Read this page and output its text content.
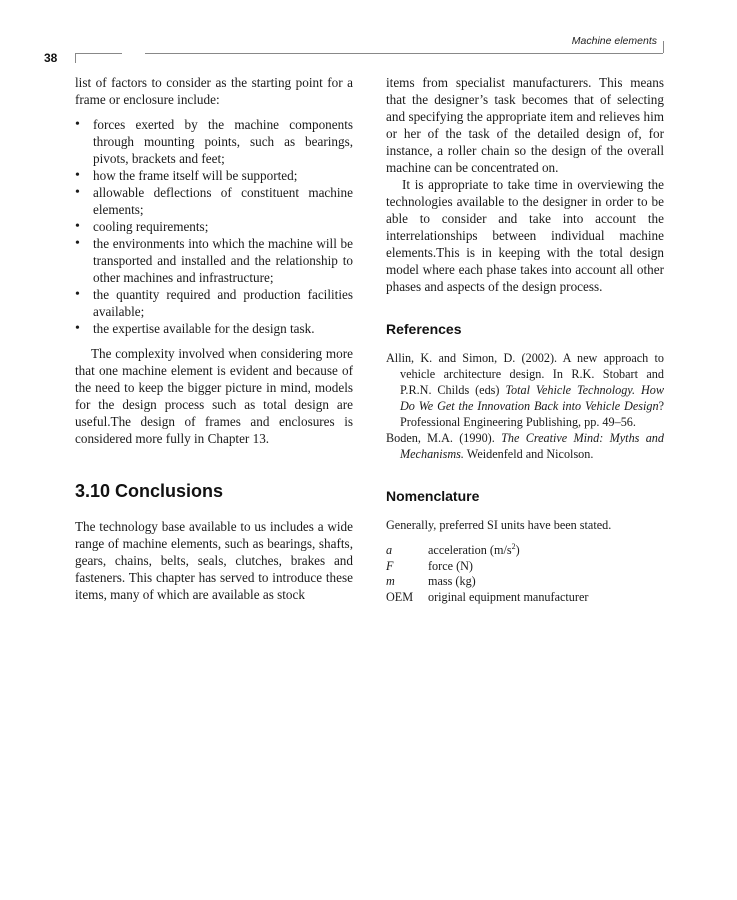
38
Machine elements

list of factors to consider as the starting point for a frame or enclosure include:

• forces exerted by the machine components through mounting points, such as bearings, pivots, brackets and feet;
• how the frame itself will be supported;
• allowable deflections of constituent machine elements;
• cooling requirements;
• the environments into which the machine will be transported and installed and the relationship to other machines and infrastructure;
• the quantity required and production facilities available;
• the expertise available for the design task.

The complexity involved when considering more that one machine element is evident and because of the need to keep the bigger picture in mind, models for the design process such as total design are useful.The design of frames and enclosures is considered more fully in Chapter 13.

3.10 Conclusions

The technology base available to us includes a wide range of machine elements, such as bearings, shafts, gears, chains, belts, seals, clutches, brakes and fasteners. This chapter has served to introduce these items, many of which are available as stock

items from specialist manufacturers. This means that the designer’s task becomes that of selecting and specifying the appropriate item and relieves him or her of the task of the detailed design of, for instance, a roller chain so the design of the overall machine can be concentrated on.

It is appropriate to take time in overviewing the technologies available to the designer in order to be able to consider and take into account the interrelationships between individual machine elements.This is in keeping with the total design model where each phase takes into account all other phases and aspects of the design process.

References

Allin, K. and Simon, D. (2002). A new approach to vehicle architecture design. In R.K. Stobart and P.R.N. Childs (eds) Total Vehicle Technology. How Do We Get the Innovation Back into Vehicle Design? Professional Engineering Publishing, pp. 49–56.

Boden, M.A. (1990). The Creative Mind: Myths and Mechanisms. Weidenfeld and Nicolson.

Nomenclature

Generally, preferred SI units have been stated.

a	acceleration $(m/s^2)$
F	force (N)
m	mass (kg)
OEM	original equipment manufacturer
